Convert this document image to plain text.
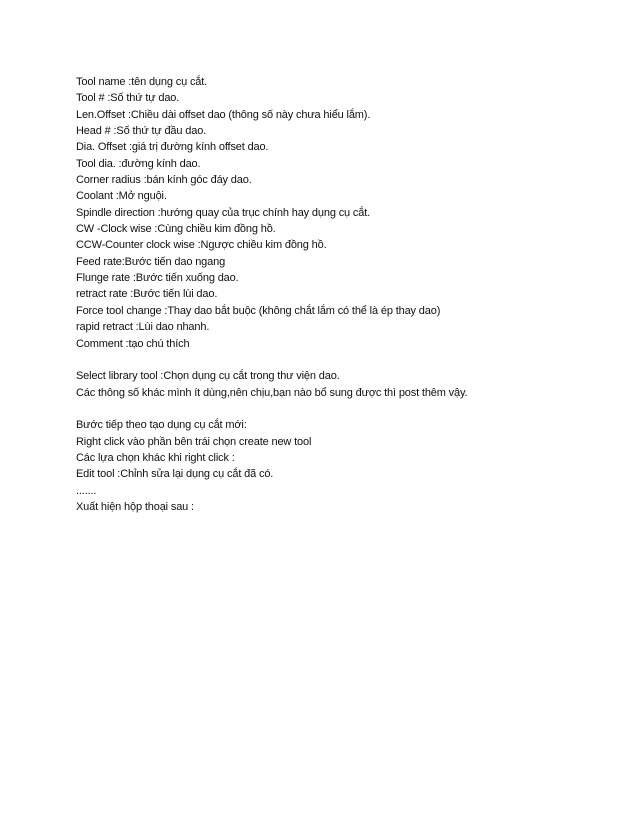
Tool name :tên dụng cụ cắt.
Tool # :Số thứ tự dao.
Len.Offset :Chiều dài offset dao (thông số này chưa hiểu lắm).
Head # :Số thứ tự đầu dao.
Dia. Offset :giá trị đường kính offset dao.
Tool dia. :đường kính dao.
Corner radius :bán kính góc đáy dao.
Coolant :Mở nguội.
Spindle direction :hướng quay của trục chính hay dụng cụ cắt.
CW -Clock wise :Cùng chiều kim đồng hồ.
CCW-Counter clock wise :Ngược chiều kim đồng hồ.
Feed rate:Bước tiến dao ngang
Flunge rate :Bước tiến xuống dao.
retract rate :Bước tiến lùi dao.
Force tool change :Thay dao bắt buộc (không chắt lắm có thể là ép thay dao)
rapid retract :Lùi dao nhanh.
Comment :tạo chú thích
Select library tool :Chọn dụng cụ cắt trong thư viện dao.
Các thông số khác mình ít dùng,nên chịu,bạn nào bổ sung được thì post thêm vậy.
Bước tiếp theo tạo dụng cụ cắt mới:
Right click vào phần bên trái chọn create new tool
Các lựa chọn khác khi right click :
Edit tool :Chỉnh sửa lại dụng cụ cắt đã có.
.......
Xuất hiện hộp thoại sau :
